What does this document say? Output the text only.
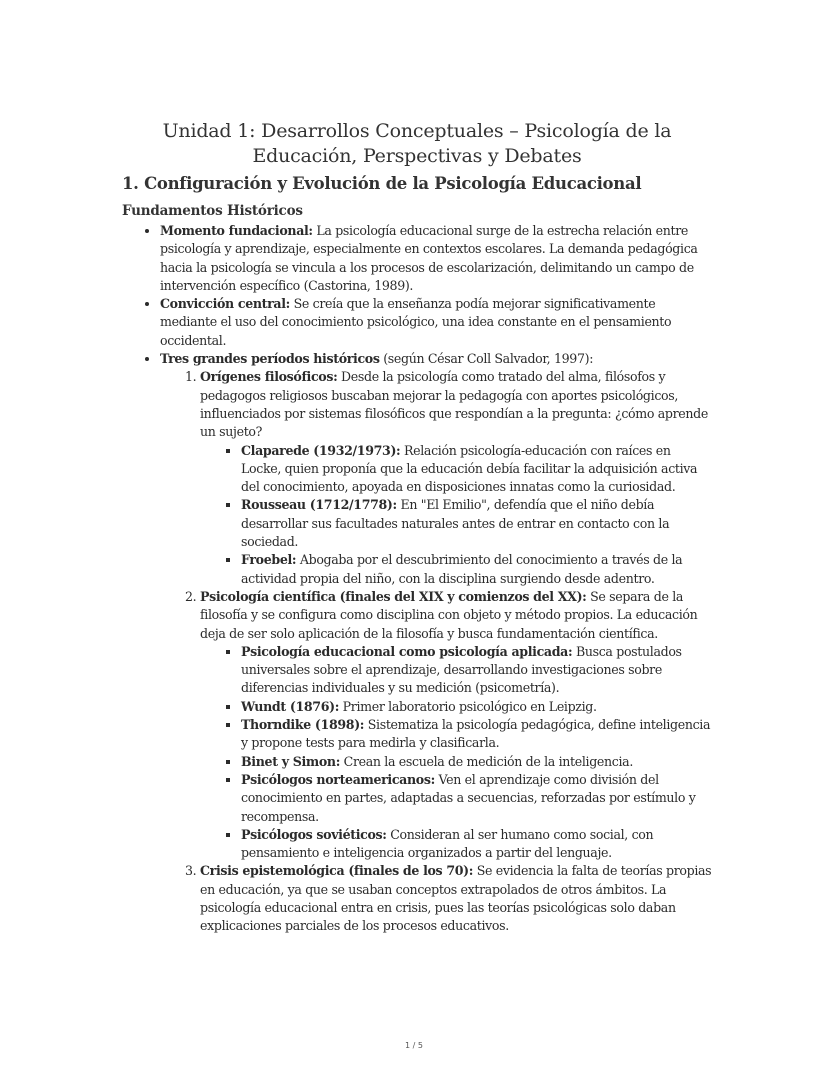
Unidad 1: Desarrollos Conceptuales – Psicología de la Educación, Perspectivas y Debates
1. Configuración y Evolución de la Psicología Educacional
Fundamentos Históricos
• Momento fundacional: La psicología educacional surge de la estrecha relación entre psicología y aprendizaje, especialmente en contextos escolares. La demanda pedagógica hacia la psicología se vincula a los procesos de escolarización, delimitando un campo de intervención específico (Castorina, 1989).
• Convicción central: Se creía que la enseñanza podía mejorar significativamente mediante el uso del conocimiento psicológico, una idea constante en el pensamiento occidental.
• Tres grandes períodos históricos (según César Coll Salvador, 1997):
1. Orígenes filosóficos: Desde la psicología como tratado del alma, filósofos y pedagogos religiosos buscaban mejorar la pedagogía con aportes psicológicos, influenciados por sistemas filosóficos que respondían a la pregunta: ¿cómo aprende un sujeto?
▪ Claparede (1932/1973): Relación psicología-educación con raíces en Locke, quien proponía que la educación debía facilitar la adquisición activa del conocimiento, apoyada en disposiciones innatas como la curiosidad.
▪ Rousseau (1712/1778): En "El Emilio", defendía que el niño debía desarrollar sus facultades naturales antes de entrar en contacto con la sociedad.
▪ Froebel: Abogaba por el descubrimiento del conocimiento a través de la actividad propia del niño, con la disciplina surgiendo desde adentro.
2. Psicología científica (finales del XIX y comienzos del XX): Se separa de la filosofía y se configura como disciplina con objeto y método propios. La educación deja de ser solo aplicación de la filosofía y busca fundamentación científica.
▪ Psicología educacional como psicología aplicada: Busca postulados universales sobre el aprendizaje, desarrollando investigaciones sobre diferencias individuales y su medición (psicometría).
▪ Wundt (1876): Primer laboratorio psicológico en Leipzig.
▪ Thorndike (1898): Sistematiza la psicología pedagógica, define inteligencia y propone tests para medirla y clasificarla.
▪ Binet y Simon: Crean la escuela de medición de la inteligencia.
▪ Psicólogos norteamericanos: Ven el aprendizaje como división del conocimiento en partes, adaptadas a secuencias, reforzadas por estímulo y recompensa.
▪ Psicólogos soviéticos: Consideran al ser humano como social, con pensamiento e inteligencia organizados a partir del lenguaje.
3. Crisis epistemológica (finales de los 70): Se evidencia la falta de teorías propias en educación, ya que se usaban conceptos extrapolados de otros ámbitos. La psicología educacional entra en crisis, pues las teorías psicológicas solo daban explicaciones parciales de los procesos educativos.
1 / 5
